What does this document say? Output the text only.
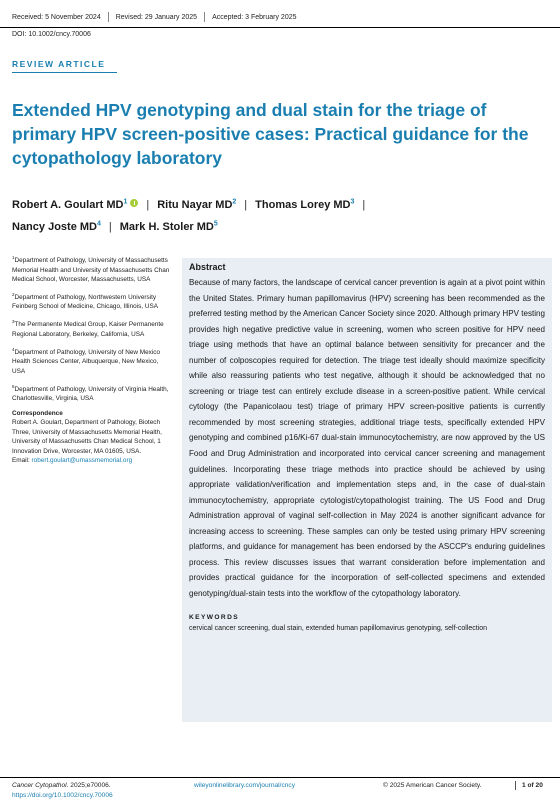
Received: 5 November 2024 Revised: 29 January 2025 Accepted: 3 February 2025
DOI: 10.1002/cncy.70006
REVIEW ARTICLE
Extended HPV genotyping and dual stain for the triage of primary HPV screen-positive cases: Practical guidance for the cytopathology laboratory
Robert A. Goulart $MD^1$ | Ritu Nayar $MD^2$ | Thomas Lorey $MD^3$ |
Nancy Joste $MD^4$ | Mark H. Stoler $MD^5$
$^1$Department of Pathology, University of Massachusetts Memorial Health and University of Massachusetts Chan Medical School, Worcester, Massachusetts, USA
$^2$Department of Pathology, Northwestern University Feinberg School of Medicine, Chicago, Illinois, USA
$^3$The Permanente Medical Group, Kaiser Permanente Regional Laboratory, Berkeley, California, USA
$^4$Department of Pathology, University of New Mexico Health Sciences Center, Albuquerque, New Mexico, USA
$^5$Department of Pathology, University of Virginia Health, Charlottesville, Virginia, USA
Correspondence
Robert A. Goulart, Department of Pathology, Biotech Three, University of Massachusetts Memorial Health, University of Massachusetts Chan Medical School, 1 Innovation Drive, Worcester, MA 01605, USA.
Email: robert.goulart@umassmemorial.org
Abstract

Because of many factors, the landscape of cervical cancer prevention is again at a pivot point within the United States. Primary human papillomavirus (HPV) screening has been recommended as the preferred testing method by the American Cancer Society since 2020. Although primary HPV testing provides high negative predictive value in screening, women who screen positive for HPV need triage using methods that have an optimal balance between sensitivity for precancer and the number of colposcopies required for detection. The triage test ideally should maximize specificity while also reassuring patients who test negative, although it should be acknowledged that no screening or triage test can entirely exclude disease in a screen-positive patient. While cervical cytology (the Papanicolaou test) triage of primary HPV screen-positive patients is currently recommended by most screening strategies, additional triage tests, specifically extended HPV genotyping and combined p16/Ki-67 dual-stain immunocytochemistry, are now approved by the US Food and Drug Administration and incorporated into cervical cancer screening and management guidelines. Incorporating these triage methods into practice should be achieved by using appropriate validation/verification and implementation steps and, in the case of dual-stain immunocytochemistry, appropriate cytologist/cytopathologist training. The US Food and Drug Administration approval of vaginal self-collection in May 2024 is another significant advance for increasing access to screening. These samples can only be tested using primary HPV screening platforms, and guidance for management has been endorsed by the ASCCP's enduring guidelines process. This review discusses issues that warrant consideration before implementation and provides practical guidance for the incorporation of self-collected specimens and extended genotyping/dual-stain tests into the workflow of the cytopathology laboratory.

KEYWORDS
cervical cancer screening, dual stain, extended human papillomavirus genotyping, self-collection
Cancer Cytopathol. 2025;e70006.
https://doi.org/10.1002/cncy.70006
wileyonlinelibrary.com/journal/cncy	© 2025 American Cancer Society.	1 of 20
